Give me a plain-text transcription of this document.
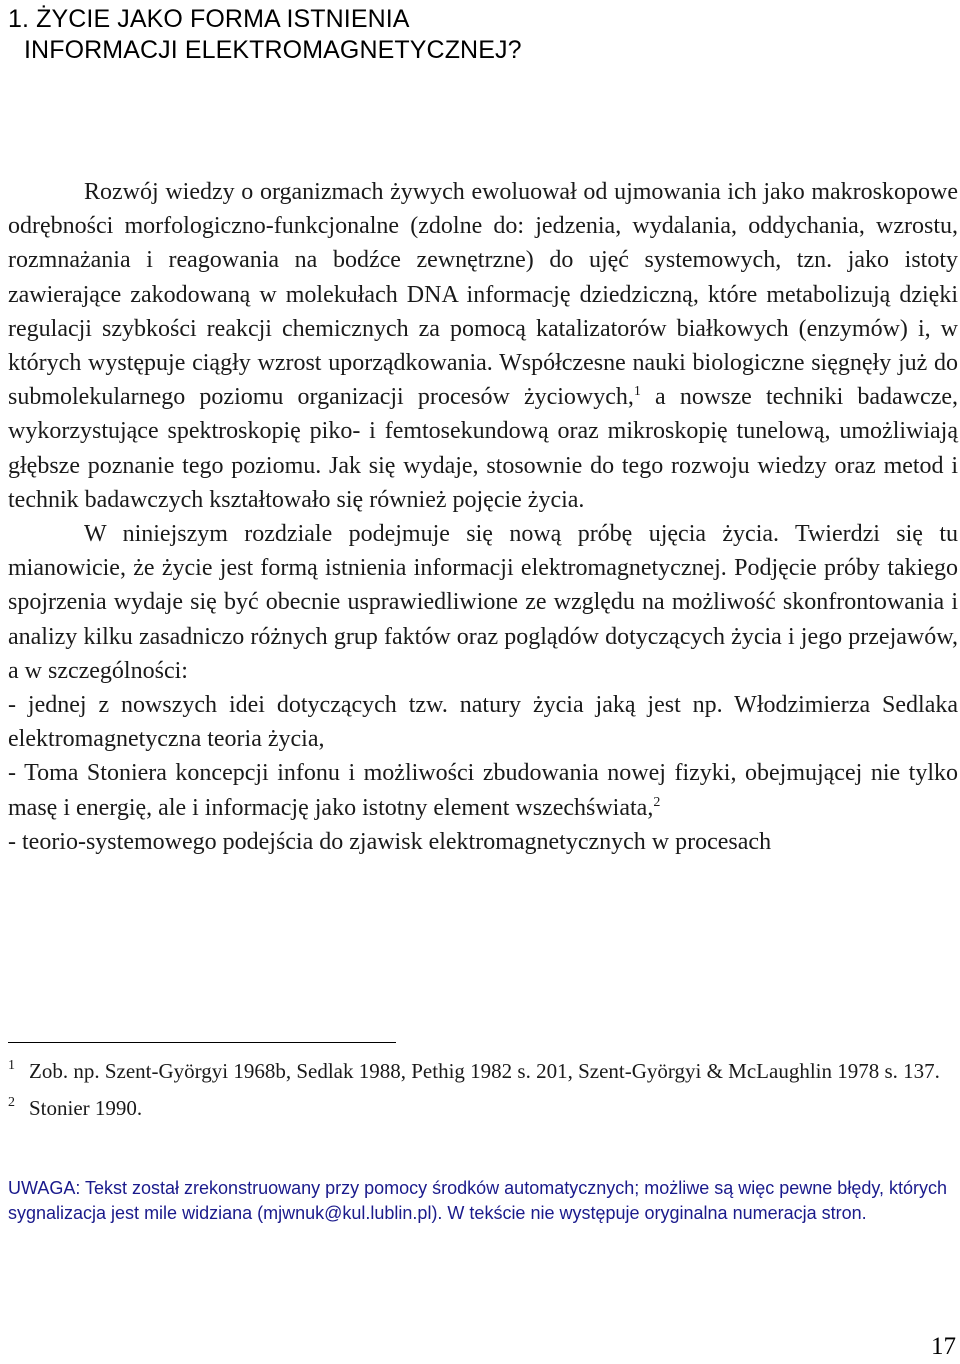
1. ŻYCIE JAKO FORMA ISTNIENIA
INFORMACJI ELEKTROMAGNETYCZNEJ?

Rozwój wiedzy o organizmach żywych ewoluował od ujmowania ich jako makroskopowe odrębności morfologiczno-funkcjonalne (zdolne do: jedzenia, wydalania, oddychania, wzrostu, rozmnażania i reagowania na bodźce zewnętrzne) do ujęć systemowych, tzn. jako istoty zawierające zakodowaną w molekułach DNA informację dziedziczną, które metabolizują dzięki regulacji szybkości reakcji chemicznych za pomocą katalizatorów białkowych (enzymów) i, w których występuje ciągły wzrost uporządkowania. Współczesne nauki biologiczne sięgnęły już do submolekularnego poziomu organizacji procesów życiowych,$^1$ a nowsze techniki badawcze, wykorzystujące spektroskopię piko- i femtosekundową oraz mikroskopię tunelową, umożliwiają głębsze poznanie tego poziomu. Jak się wydaje, stosownie do tego rozwoju wiedzy oraz metod i technik badawczych kształtowało się również pojęcie życia.

W niniejszym rozdziale podejmuje się nową próbę ujęcia życia. Twierdzi się tu mianowicie, że życie jest formą istnienia informacji elektromagnetycznej. Podjęcie próby takiego spojrzenia wydaje się być obecnie usprawiedliwione ze względu na możliwość skonfrontowania i analizy kilku zasadniczo różnych grup faktów oraz poglądów dotyczących życia i jego przejawów, a w szczególności:

- jednej z nowszych idei dotyczących tzw. natury życia jaką jest np. Włodzimierza Sedlaka elektromagnetyczna teoria życia,

- Toma Stoniera koncepcji infonu i możliwości zbudowania nowej fizyki, obejmującej nie tylko masę i energię, ale i informację jako istotny element wszechświata,$^2$

- teorio-systemowego podejścia do zjawisk elektromagnetycznych w procesach

$^1$ Zob. np. Szent-Györgyi 1968b, Sedlak 1988, Pethig 1982 s. 201, Szent-Györgyi & McLaughlin 1978 s. 137.

$^2$ Stonier 1990.

UWAGA: Tekst został zrekonstruowany przy pomocy środków automatycznych; możliwe są więc pewne błędy, których sygnalizacja jest mile widziana (mjwnuk@kul.lublin.pl). W tekście nie występuje oryginalna numeracja stron.
17
